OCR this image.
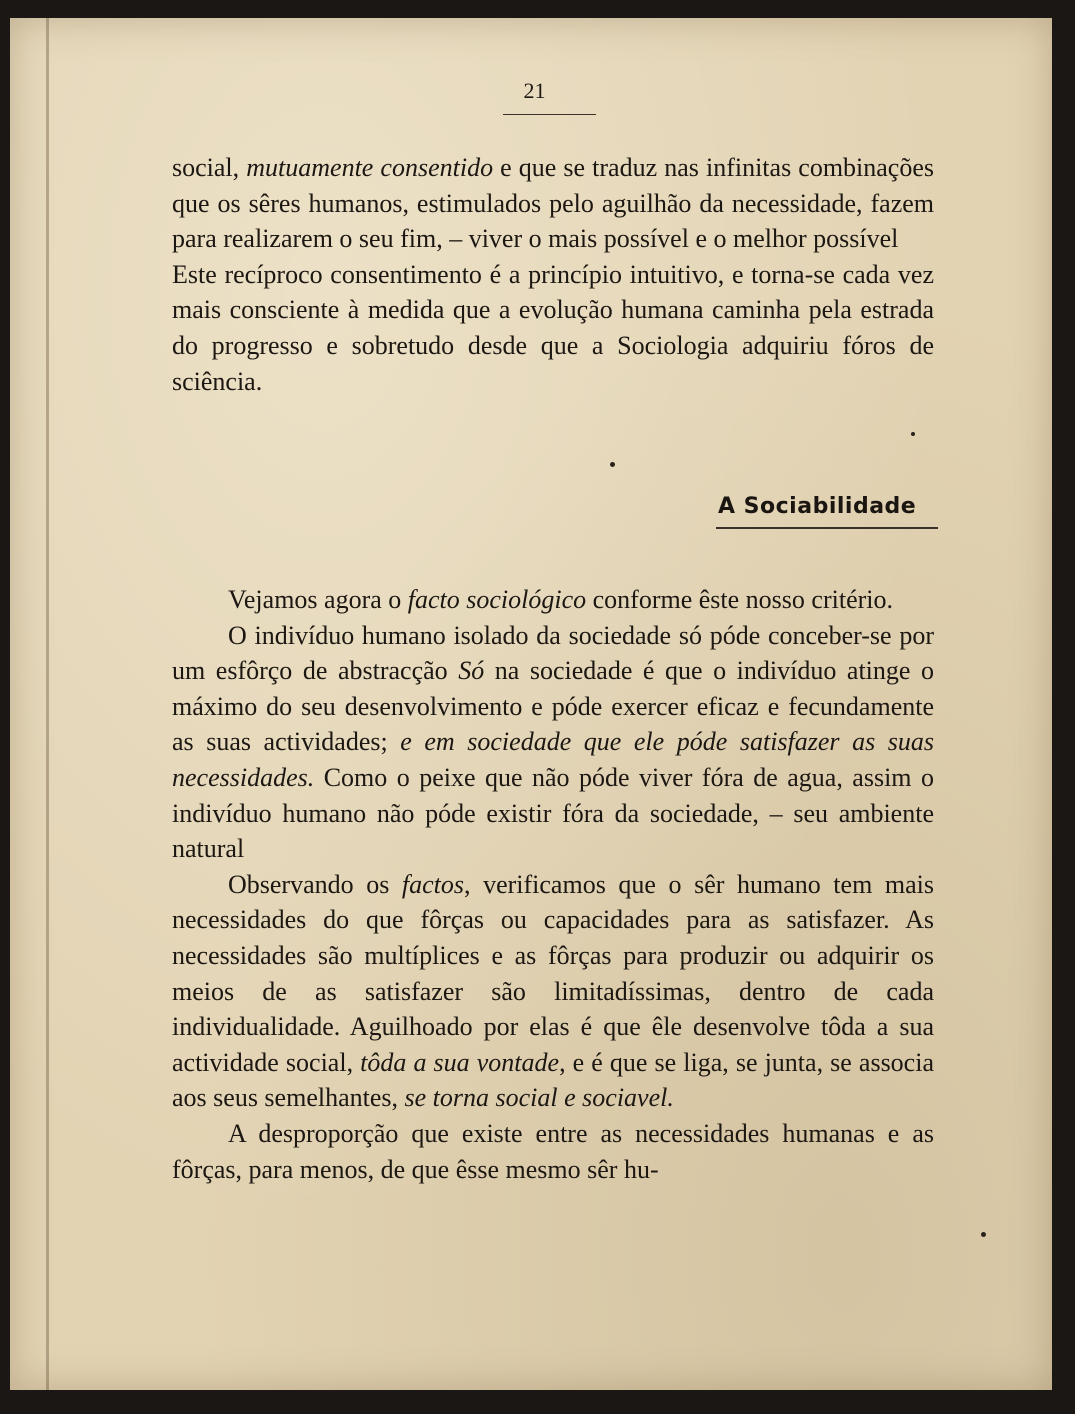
21

social, mutuamente consentido e que se traduz nas infinitas combinações que os sêres humanos, estimulados pelo aguilhão da necessidade, fazem para realizarem o seu fim, – viver o mais possível e o melhor possível

Este recíproco consentimento é a princípio intuitivo, e torna-se cada vez mais consciente à medida que a evolução humana caminha pela estrada do progresso e sobretudo desde que a Sociologia adquiriu fóros de sciência.

A Sociabilidade

Vejamos agora o facto sociológico conforme êste nosso critério.

O indivíduo humano isolado da sociedade só póde conceber-se por um esfôrço de abstracção Só na sociedade é que o indivíduo atinge o máximo do seu desenvolvimento e póde exercer eficaz e fecundamente as suas actividades; e em sociedade que ele póde satisfazer as suas necessidades. Como o peixe que não póde viver fóra de agua, assim o indivíduo humano não póde existir fóra da sociedade, – seu ambiente natural

Observando os factos, verificamos que o sêr humano tem mais necessidades do que fôrças ou capacidades para as satisfazer. As necessidades são multíplices e as fôrças para produzir ou adquirir os meios de as satisfazer são limitadíssimas, dentro de cada individualidade. Aguilhoado por elas é que êle desenvolve tôda a sua actividade social, tôda a sua vontade, e é que se liga, se junta, se associa aos seus semelhantes, se torna social e sociavel.

A desproporção que existe entre as necessidades humanas e as fôrças, para menos, de que êsse mesmo sêr hu-
